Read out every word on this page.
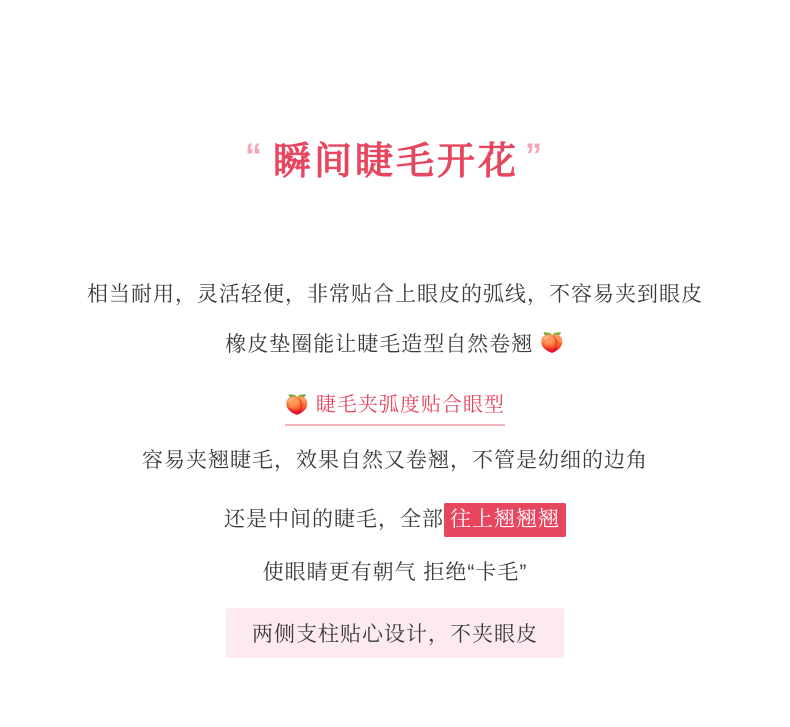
“ 瞬间睫毛开花 ”
相当耐用，灵活轻便，非常贴合上眼皮的弧线，不容易夹到眼皮
橡皮垫圈能让睫毛造型自然卷翘 🍑
🍑 睫毛夹弧度贴合眼型
容易夹翘睫毛，效果自然又卷翘，不管是幼细的边角
还是中间的睫毛，全部 往上翘翘翘
使眼睛更有朝气 拒绝“卡毛”
两侧支柱贴心设计，不夹眼皮
